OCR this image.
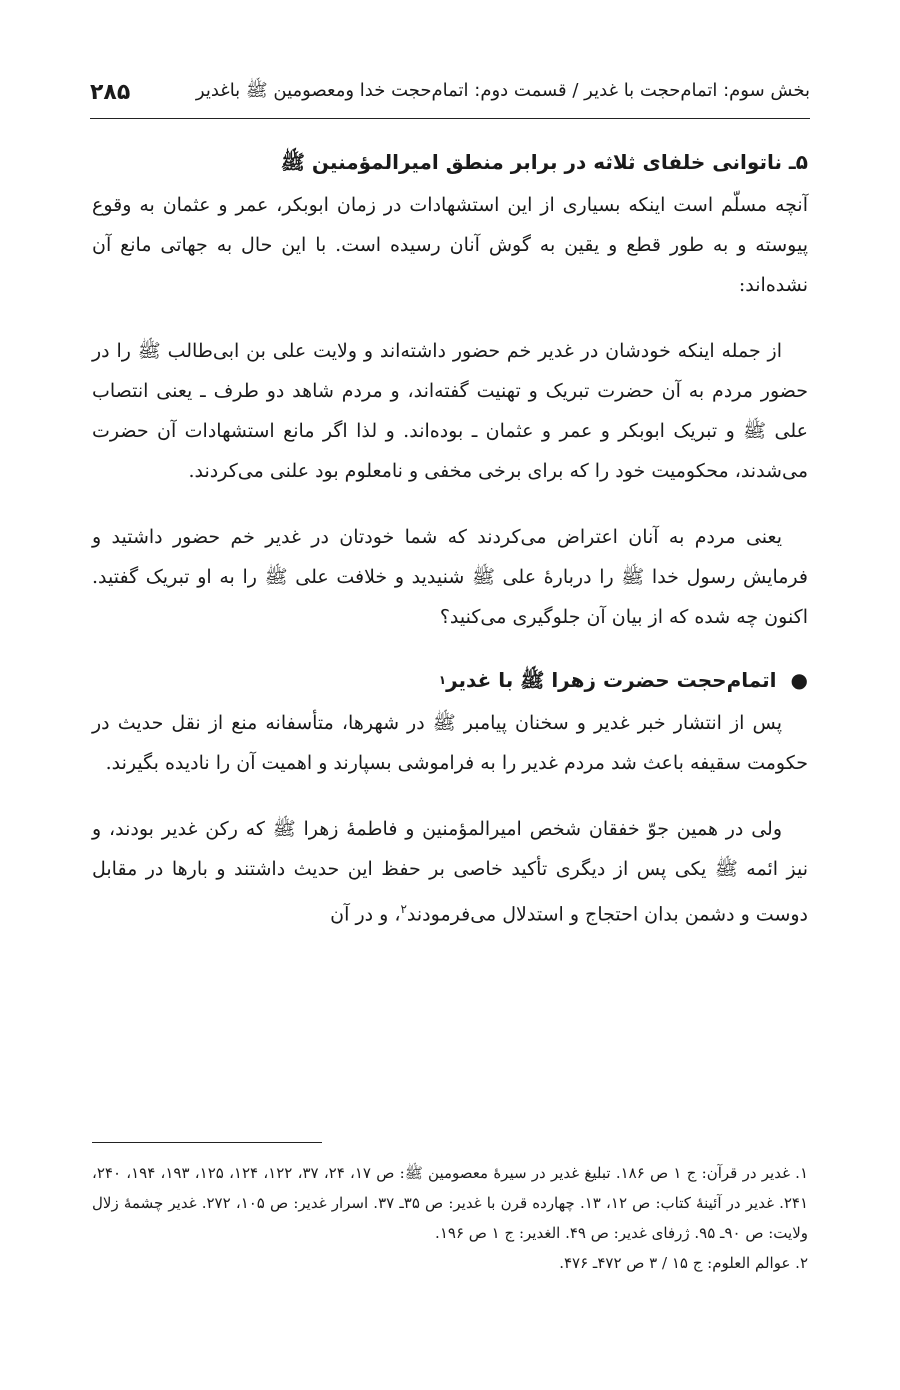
بخش سوم: اتمام‌حجت با غدیر / قسمت دوم: اتمام‌حجت خدا ومعصومین ﷺ باغدیر
۲۸۵
۵ـ ناتوانی خلفای ثلاثه در برابر منطق امیرالمؤمنین ﷺ

آنچه مسلّم است اینکه بسیاری از این استشهادات در زمان ابوبکر، عمر و عثمان به وقوع پیوسته و به طور قطع و یقین به گوش آنان رسیده است. با این حال به جهاتی مانع آن نشده‌اند:

از جمله اینکه خودشان در غدیر خم حضور داشته‌اند و ولایت علی بن ابی‌طالب ﷺ را در حضور مردم به آن حضرت تبریک و تهنیت گفته‌اند، و مردم شاهد دو طرف ـ یعنی انتصاب علی ﷺ و تبریک ابوبکر و عمر و عثمان ـ بوده‌اند. و لذا اگر مانع استشهادات آن حضرت می‌شدند، محکومیت خود را که برای برخی مخفی و نامعلوم بود علنی می‌کردند.

یعنی مردم به آنان اعتراض می‌کردند که شما خودتان در غدیر خم حضور داشتید و فرمایش رسول خدا ﷺ را دربارهٔ علی ﷺ شنیدید و خلافت علی ﷺ را به او تبریک گفتید. اکنون چه شده که از بیان آن جلوگیری می‌کنید؟

●
اتمام‌حجت حضرت زهرا ﷺ با غدیر
۱

پس از انتشار خبر غدیر و سخنان پیامبر ﷺ در شهرها، متأسفانه منع از نقل حدیث در حکومت سقیفه باعث شد مردم غدیر را به فراموشی بسپارند و اهمیت آن را نادیده بگیرند.

ولی در همین جوّ خفقان شخص امیرالمؤمنین و فاطمهٔ زهرا ﷺ که رکن غدیر بودند، و نیز ائمه ﷺ یکی پس از دیگری تأکید خاصی بر حفظ این حدیث داشتند و بارها در مقابل دوست و دشمن بدان احتجاج و استدلال می‌فرمودند$^۲$، و در آن

۱. غدیر در قرآن: ج ۱ ص ۱۸۶. تبلیغ غدیر در سیرهٔ معصومین ﷺ: ص ۱۷، ۲۴، ۳۷، ۱۲۲، ۱۲۴، ۱۲۵، ۱۹۳، ۱۹۴، ۲۴۰، ۲۴۱. غدیر در آئینهٔ کتاب: ص ۱۲، ۱۳. چهارده قرن با غدیر: ص ۳۵ـ ۳۷. اسرار غدیر: ص ۱۰۵، ۲۷۲. غدیر چشمهٔ زلال ولایت: ص ۹۰ـ ۹۵. ژرفای غدیر: ص ۴۹. الغدیر: ج ۱ ص ۱۹۶.
۲. عوالم العلوم: ج ۱۵ / ۳ ص ۴۷۲ـ ۴۷۶.
